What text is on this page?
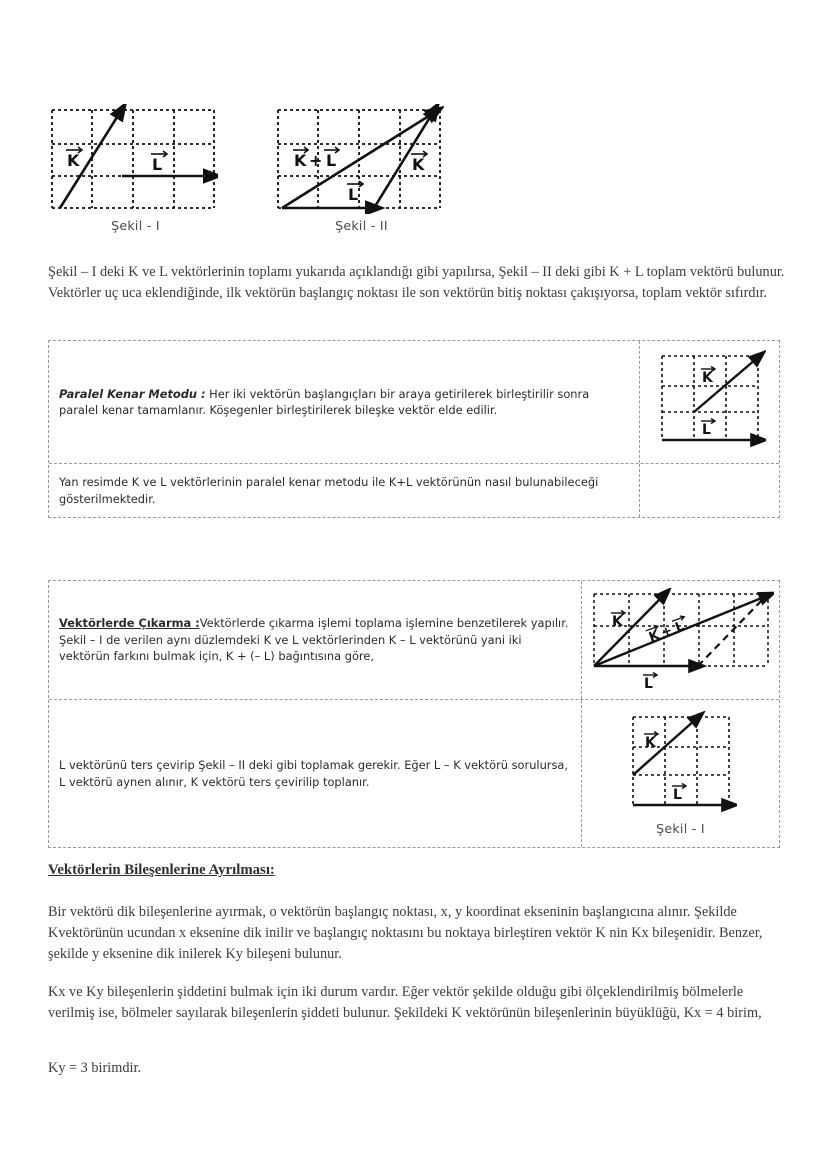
K	L
Şekil - I
K + L	K
L
Şekil - II
Şekil – I deki K ve L vektörlerinin toplamı yukarıda açıklandığı gibi yapılırsa, Şekil – II deki gibi K + L toplam vektörü bulunur. Vektörler uç uca eklendiğinde, ilk vektörün başlangıç noktası ile son vektörün bitiş noktası çakışıyorsa, toplam vektör sıfırdır.
Paralel Kenar Metodu : Her iki vektörün başlangıçları bir araya getirilerek birleştirilir sonra paralel kenar tamamlanır. Köşegenler birleştirilerek bileşke vektör elde edilir.
K
L
Yan resimde K ve L vektörlerinin paralel kenar metodu ile K+L vektörünün nasıl bulunabileceği gösterilmektedir.
Vektörlerde Çıkarma :Vektörlerde çıkarma işlemi toplama işlemine benzetilerek yapılır. Şekil – I de verilen aynı düzlemdeki K ve L vektörlerinden K – L vektörünü yani iki vektörün farkını bulmak için, K + (– L) bağıntısına göre,
K
K
+
L
L
L vektörünü ters çevirip Şekil – II deki gibi toplamak gerekir. Eğer L – K vektörü sorulursa, L vektörü aynen alınır, K vektörü ters çevirilip toplanır.
K
L
Şekil - I
Vektörlerin Bileşenlerine Ayrılması:
Bir vektörü dik bileşenlerine ayırmak, o vektörün başlangıç noktası, x, y koordinat ekseninin başlangıcına alınır. Şekilde Kvektörünün ucundan x eksenine dik inilir ve başlangıç noktasını bu noktaya birleştiren vektör K nin Kx bileşenidir. Benzer, şekilde y eksenine dik inilerek Ky bileşeni bulunur.
Kx ve Ky bileşenlerin şiddetini bulmak için iki durum vardır. Eğer vektör şekilde olduğu gibi ölçeklendirilmiş bölmelerle verilmiş ise, bölmeler sayılarak bileşenlerin şiddeti bulunur. Şekildeki K vektörünün bileşenlerinin büyüklüğü, Kx = 4 birim,
Ky = 3 birimdir.
